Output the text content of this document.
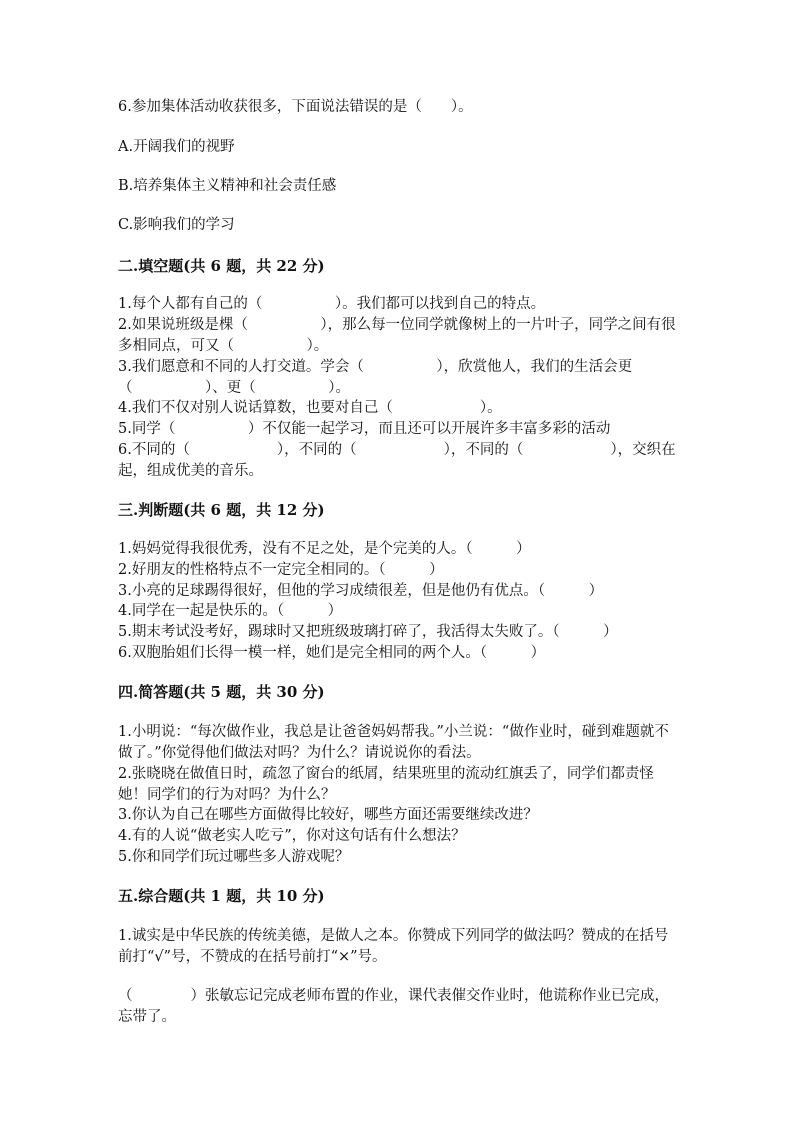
6.参加集体活动收获很多，下面说法错误的是（　　）。

A.开阔我们的视野

B.培养集体主义精神和社会责任感

C.影响我们的学习

二.填空题(共 6 题，共 22 分)

1.每个人都有自己的（　　　　　）。我们都可以找到自己的特点。

2.如果说班级是棵（　　　　　），那么每一位同学就像树上的一片叶子，同学之间有很多相同点，可又（　　　　　）。

3.我们愿意和不同的人打交道。学会（　　　　　），欣赏他人，我们的生活会更（　　　　　）、更（　　　　　）。

4.我们不仅对别人说话算数，也要对自己（　　　　　　）。

5.同学（　　　　　）不仅能一起学习，而且还可以开展许多丰富多彩的活动

6.不同的（　　　　　　），不同的（　　　　　　），不同的（　　　　　　），交织在起，组成优美的音乐。

三.判断题(共 6 题，共 12 分)

1.妈妈觉得我很优秀，没有不足之处，是个完美的人。（　　　）

2.好朋友的性格特点不一定完全相同的。（　　　）

3.小亮的足球踢得很好，但他的学习成绩很差，但是他仍有优点。（　　　）

4.同学在一起是快乐的。（　　　）

5.期末考试没考好，踢球时又把班级玻璃打碎了，我活得太失败了。（　　　）

6.双胞胎姐们长得一模一样，她们是完全相同的两个人。（　　　）

四.简答题(共 5 题，共 30 分)

1.小明说：“每次做作业，我总是让爸爸妈妈帮我。”小兰说：“做作业时，碰到难题就不做了。”你觉得他们做法对吗？为什么？请说说你的看法。

2.张晓晓在做值日时，疏忽了窗台的纸屑，结果班里的流动红旗丢了，同学们都责怪她！同学们的行为对吗？为什么？

3.你认为自己在哪些方面做得比较好，哪些方面还需要继续改进？

4.有的人说“做老实人吃亏”，你对这句话有什么想法？

5.你和同学们玩过哪些多人游戏呢？

五.综合题(共 1 题，共 10 分)

1.诚实是中华民族的传统美德，是做人之本。你赞成下列同学的做法吗？赞成的在括号前打“√”号，不赞成的在括号前打“×”号。

（　　　　）张敏忘记完成老师布置的作业，课代表催交作业时，他谎称作业已完成，忘带了。
